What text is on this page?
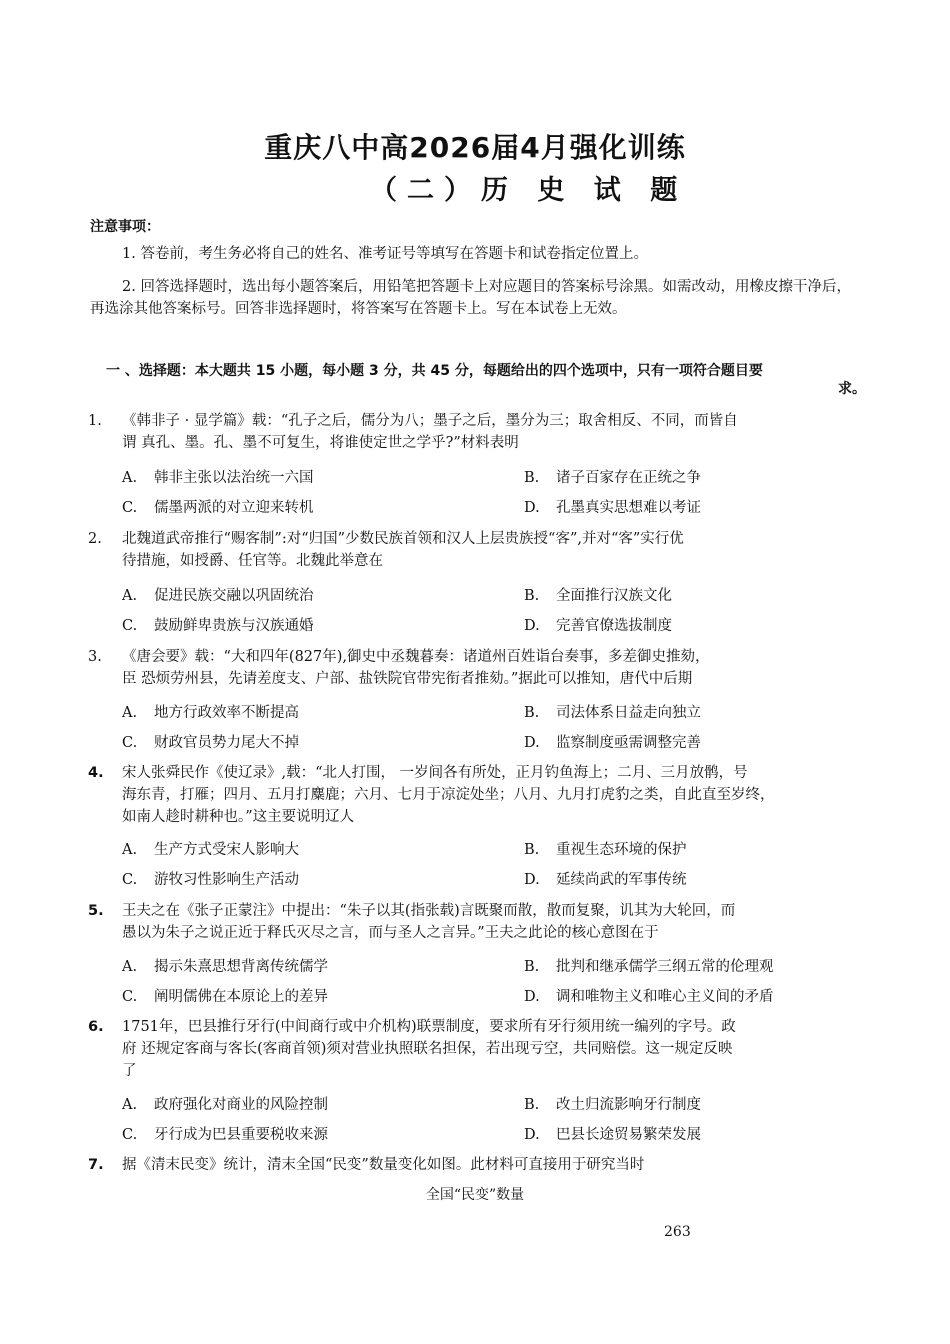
重庆八中高2026届4月强化训练
（二）历 史 试 题
注意事项：
1. 答卷前，考生务必将自己的姓名、准考证号等填写在答题卡和试卷指定位置上。
2. 回答选择题时，选出每小题答案后，用铅笔把答题卡上对应题目的答案标号涂黑。如需改动，用橡皮擦干净后，再选涂其他答案标号。回答非选择题时，将答案写在答题卡上。写在本试卷上无效。
一 、选择题：本大题共 15 小题，每小题 3 分，共 45 分，每题给出的四个选项中，只有一项符合题目要
求。
1. 《韩非子 · 显学篇》载：“孔子之后，儒分为八；墨子之后，墨分为三；取舍相反、不同，而皆自
谓 真孔、墨。孔、墨不可复生，将谁使定世之学乎?”材料表明
A. 韩非主张以法治统一六国	B. 诸子百家存在正统之争
C. 儒墨两派的对立迎来转机	D. 孔墨真实思想难以考证
2. 北魏道武帝推行“赐客制”:对“归国”少数民族首领和汉人上层贵族授“客”,并对“客”实行优
待措施，如授爵、任官等。北魏此举意在
A. 促进民族交融以巩固统治	B. 全面推行汉族文化
C. 鼓励鲜卑贵族与汉族通婚	D. 完善官僚选拔制度
3. 《唐会要》载：“大和四年(827年),御史中丞魏暮奏：诸道州百姓诣台奏事，多差御史推劾，
臣 恐烦劳州县，先请差度支、户部、盐铁院官带宪衔者推劾。”据此可以推知，唐代中后期
A. 地方行政效率不断提高	B. 司法体系日益走向独立
C. 财政官员势力尾大不掉	D. 监察制度亟需调整完善
4. 宋人张舜民作《使辽录》,载：“北人打围， 一岁间各有所处，正月钓鱼海上；二月、三月放鹘，号
海东青，打雁；四月、五月打麋鹿；六月、七月于凉淀处坐；八月、九月打虎豹之类，自此直至岁终，
如南人趁时耕种也。”这主要说明辽人
A. 生产方式受宋人影响大	B. 重视生态环境的保护
C. 游牧习性影响生产活动	D. 延续尚武的军事传统
5. 王夫之在《张子正蒙注》中提出：“朱子以其(指张载)言既聚而散，散而复聚，讥其为大轮回，而
愚以为朱子之说正近于释氏灭尽之言，而与圣人之言异。”王夫之此论的核心意图在于
A. 揭示朱熹思想背离传统儒学	B. 批判和继承儒学三纲五常的伦理观
C. 阐明儒佛在本原论上的差异	D. 调和唯物主义和唯心主义间的矛盾
6. 1751年，巴县推行牙行(中间商行或中介机构)联票制度，要求所有牙行须用统一编列的字号。政
府 还规定客商与客长(客商首领)须对营业执照联名担保，若出现亏空，共同赔偿。这一规定反映
了
A. 政府强化对商业的风险控制	B. 改土归流影响牙行制度
C. 牙行成为巴县重要税收来源	D. 巴县长途贸易繁荣发展
7. 据《清末民变》统计，清末全国“民变”数量变化如图。此材料可直接用于研究当时
全国“民变”数量
263
